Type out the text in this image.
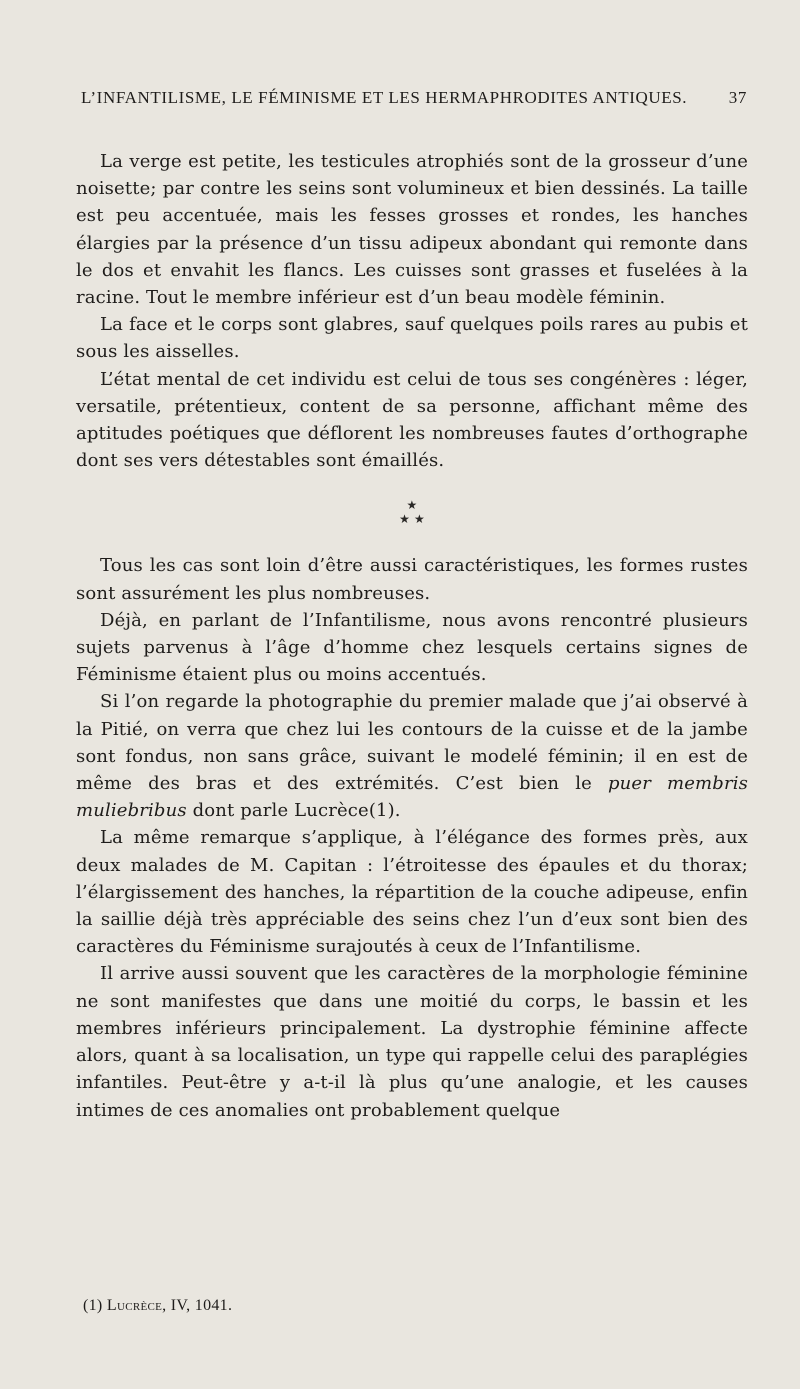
L’INFANTILISME, LE FÉMINISME ET LES HERMAPHRODITES ANTIQUES. 37

La verge est petite, les testicules atrophiés sont de la grosseur d’une noisette; par contre les seins sont volumineux et bien dessinés. La taille est peu accentuée, mais les fesses grosses et rondes, les hanches élargies par la présence d’un tissu adipeux abondant qui remonte dans le dos et envahit les flancs. Les cuisses sont grasses et fuselées à la racine. Tout le membre inférieur est d’un beau modèle féminin.

La face et le corps sont glabres, sauf quelques poils rares au pubis et sous les aisselles.

L’état mental de cet individu est celui de tous ses congénères : léger, versatile, prétentieux, content de sa personne, affichant même des aptitudes poétiques que déflorent les nombreuses fautes d’orthographe dont ses vers détestables sont émaillés.

★
★ ★

Tous les cas sont loin d’être aussi caractéristiques, les formes rustes sont assurément les plus nombreuses.

Déjà, en parlant de l’Infantilisme, nous avons rencontré plusieurs sujets parvenus à l’âge d’homme chez lesquels certains signes de Féminisme étaient plus ou moins accentués.

Si l’on regarde la photographie du premier malade que j’ai observé à la Pitié, on verra que chez lui les contours de la cuisse et de la jambe sont fondus, non sans grâce, suivant le modelé féminin; il en est de même des bras et des extrémités. C’est bien le puer membris muliebribus dont parle Lucrèce(1).

La même remarque s’applique, à l’élégance des formes près, aux deux malades de M. Capitan : l’étroitesse des épaules et du thorax; l’élargissement des hanches, la répartition de la couche adipeuse, enfin la saillie déjà très appréciable des seins chez l’un d’eux sont bien des caractères du Féminisme surajoutés à ceux de l’Infantilisme.

Il arrive aussi souvent que les caractères de la morphologie féminine ne sont manifestes que dans une moitié du corps, le bassin et les membres inférieurs principalement. La dystrophie féminine affecte alors, quant à sa localisation, un type qui rappelle celui des paraplégies infantiles. Peut-être y a-t-il là plus qu’une analogie, et les causes intimes de ces anomalies ont probablement quelque

(1) Lucrèce, IV, 1041.
